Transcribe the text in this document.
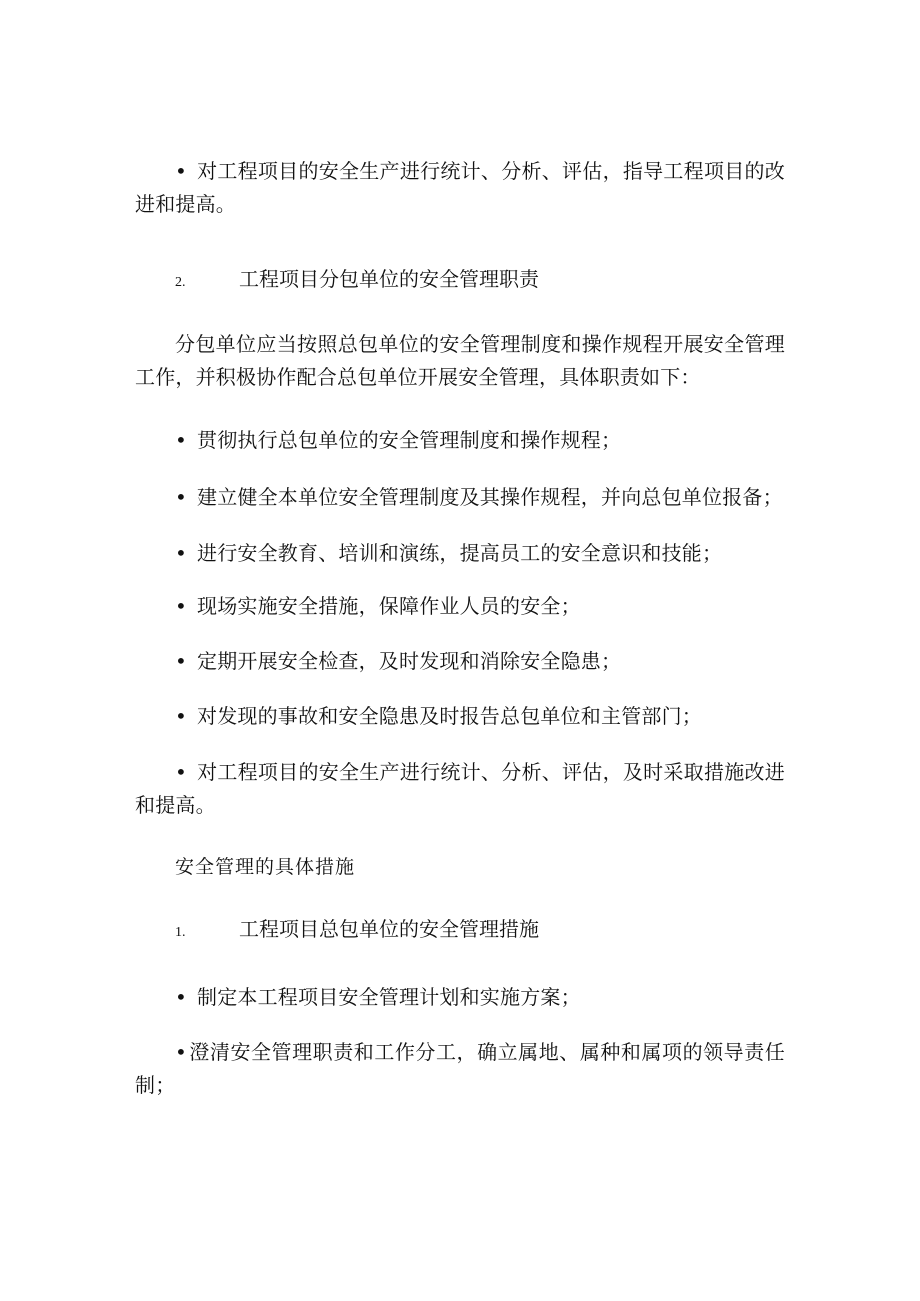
• 对工程项目的安全生产进行统计、分析、评估，指导工程项目的改进和提高。

2.	工程项目分包单位的安全管理职责

分包单位应当按照总包单位的安全管理制度和操作规程开展安全管理工作，并积极协作配合总包单位开展安全管理，具体职责如下：

• 贯彻执行总包单位的安全管理制度和操作规程；

• 建立健全本单位安全管理制度及其操作规程，并向总包单位报备；

• 进行安全教育、培训和演练，提高员工的安全意识和技能；

• 现场实施安全措施，保障作业人员的安全；

• 定期开展安全检查，及时发现和消除安全隐患；

• 对发现的事故和安全隐患及时报告总包单位和主管部门；

• 对工程项目的安全生产进行统计、分析、评估，及时采取措施改进和提高。

安全管理的具体措施

1.	工程项目总包单位的安全管理措施

• 制定本工程项目安全管理计划和实施方案；

• 澄清安全管理职责和工作分工，确立属地、属种和属项的领导责任制；
